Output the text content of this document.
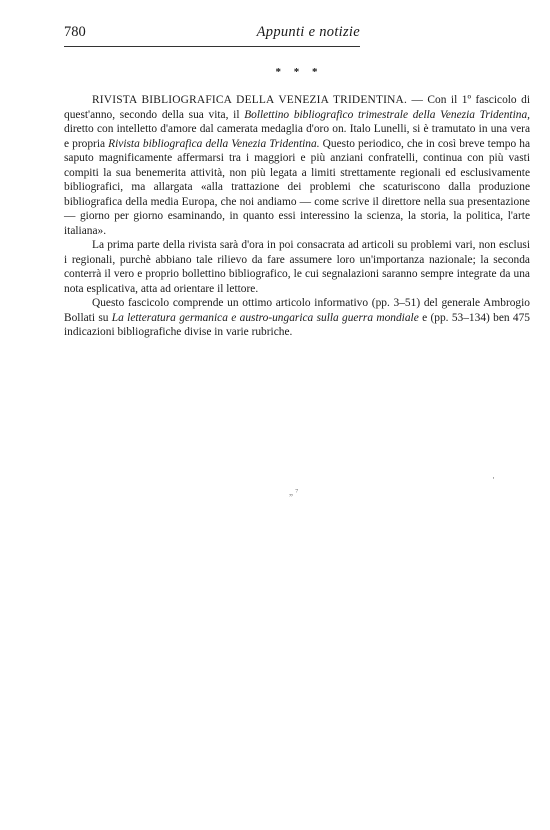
780	Appunti e notizie
* * *

RIVISTA BIBLIOGRAFICA DELLA VENEZIA TRIDENTINA. — Con il 1º fascicolo di quest'anno, secondo della sua vita, il Bollettino bibliografico trimestrale della Venezia Tridentina, diretto con intelletto d'amore dal camerata medaglia d'oro on. Italo Lunelli, si è tramutato in una vera e propria Rivista bibliografica della Venezia Tridentina. Questo periodico, che in così breve tempo ha saputo magnificamente affermarsi tra i maggiori e più anziani confratelli, continua con più vasti compiti la sua benemerita attività, non più legata a limiti strettamente regionali ed esclusivamente bibliografici, ma allargata «alla trattazione dei problemi che scaturiscono dalla produzione bibliografica della media Europa, che noi andiamo — come scrive il direttore nella sua presentazione — giorno per giorno esaminando, in quanto essi interessino la scienza, la storia, la politica, l'arte italiana».

La prima parte della rivista sarà d'ora in poi consacrata ad articoli su problemi vari, non esclusi i regionali, purchè abbiano tale rilievo da fare assumere loro un'importanza nazionale; la seconda conterrà il vero e proprio bollettino bibliografico, le cui segnalazioni saranno sempre integrate da una nota esplicativa, atta ad orientare il lettore.

Questo fascicolo comprende un ottimo articolo informativo (pp. 3–51) del generale Ambrogio Bollati su La letteratura germanica e austro-ungarica sulla guerra mondiale e (pp. 53–134) ben 475 indicazioni bibliografiche divise in varie rubriche.

„ ⁷
·
